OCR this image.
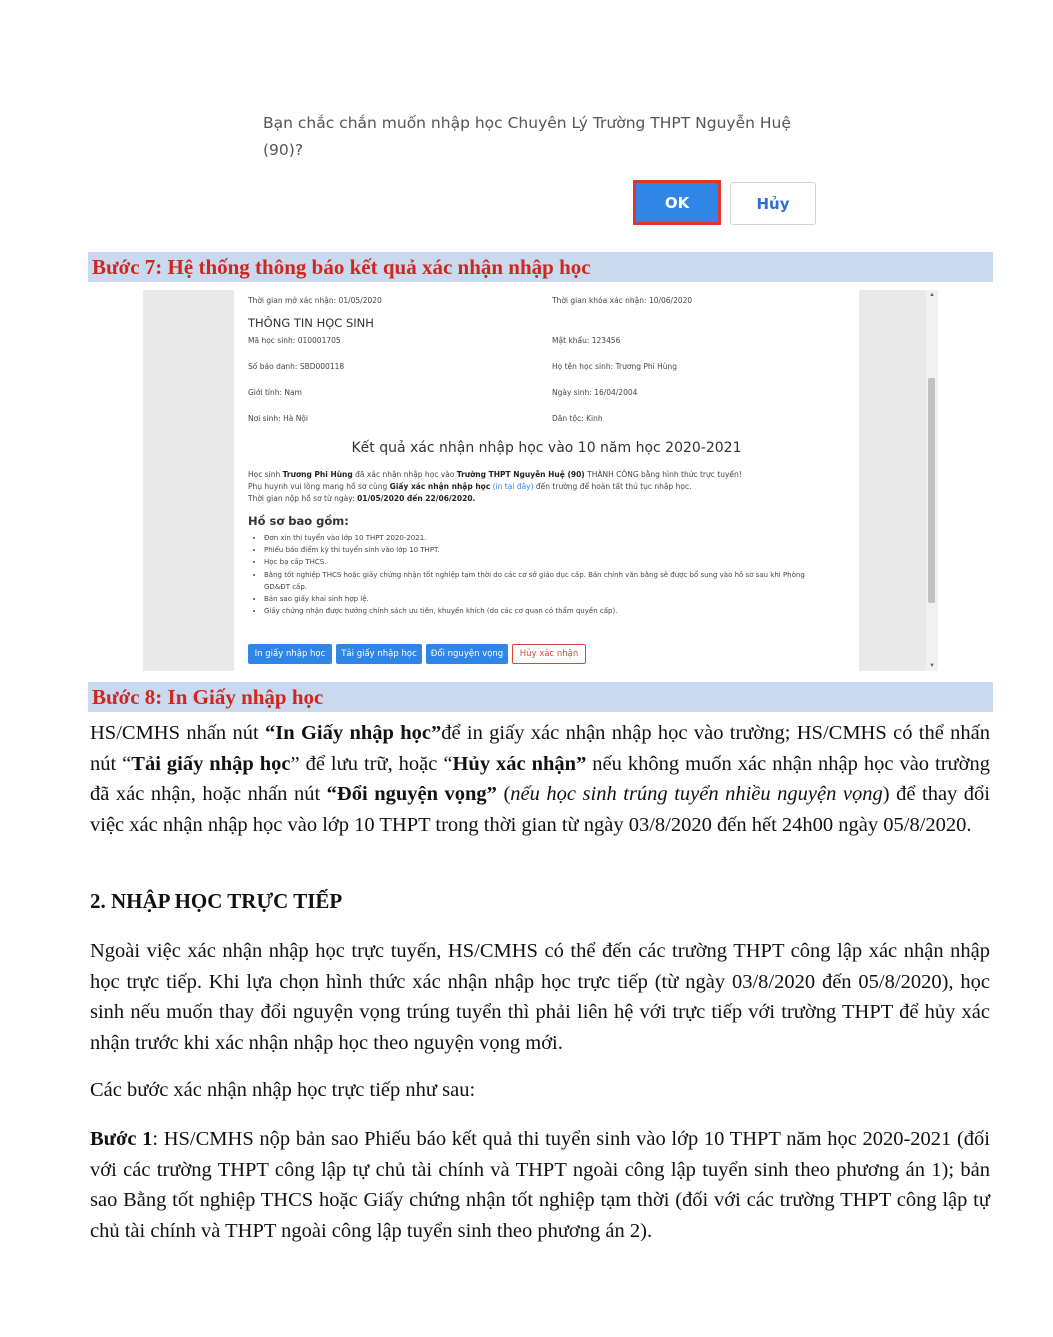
Bạn chắc chắn muốn nhập học Chuyên Lý Trường THPT Nguyễn Huệ (90)?
OK	Hủy
Bước 7: Hệ thống thông báo kết quả xác nhận nhập học
Thời gian mở xác nhận: 01/05/2020	Thời gian khóa xác nhận: 10/06/2020
THÔNG TIN HỌC SINH
Mã học sinh: 010001705	Mật khẩu: 123456
Số báo danh: SBD000118	Họ tên học sinh: Trương Phi Hùng
Giới tính: Nam	Ngày sinh: 16/04/2004
Nơi sinh: Hà Nội	Dân tộc: Kinh
Kết quả xác nhận nhập học vào 10 năm học 2020-2021
Học sinh Trương Phi Hùng đã xác nhận nhập học vào Trường THPT Nguyễn Huệ (90) THÀNH CÔNG bằng hình thức trực tuyến!
Phụ huynh vui lòng mang hồ sơ cùng Giấy xác nhận nhập học (in tại đây) đến trường để hoàn tất thủ tục nhập học.
Thời gian nộp hồ sơ từ ngày: 01/05/2020 đến 22/06/2020.
Hồ sơ bao gồm:
• Đơn xin thi tuyển vào lớp 10 THPT 2020-2021.
• Phiếu báo điểm kỳ thi tuyển sinh vào lớp 10 THPT.
• Học bạ cấp THCS.
• Bằng tốt nghiệp THCS hoặc giấy chứng nhận tốt nghiệp tạm thời do các cơ sở giáo dục cấp. Bản chính văn bằng sẽ được bổ sung vào hồ sơ sau khi Phòng GD&ĐT cấp.
• Bản sao giấy khai sinh hợp lệ.
• Giấy chứng nhận được hưởng chính sách ưu tiên, khuyến khích (do các cơ quan có thẩm quyền cấp).
In giấy nhập học	Tải giấy nhập học	Đổi nguyện vọng	Hủy xác nhận
▲
▼
Bước 8: In Giấy nhập học
HS/CMHS nhấn nút “In Giấy nhập học”để in giấy xác nhận nhập học vào trường; HS/CMHS có thể nhấn nút “Tải giấy nhập học” để lưu trữ, hoặc “Hủy xác nhận” nếu không muốn xác nhận nhập học vào trường đã xác nhận, hoặc nhấn nút “Đổi nguyện vọng” (nếu học sinh trúng tuyển nhiều nguyện vọng) để thay đổi việc xác nhận nhập học vào lớp 10 THPT trong thời gian từ ngày 03/8/2020 đến hết 24h00 ngày 05/8/2020.
2. NHẬP HỌC TRỰC TIẾP
Ngoài việc xác nhận nhập học trực tuyến, HS/CMHS có thể đến các trường THPT công lập xác nhận nhập học trực tiếp. Khi lựa chọn hình thức xác nhận nhập học trực tiếp (từ ngày 03/8/2020 đến 05/8/2020), học sinh nếu muốn thay đổi nguyện vọng trúng tuyển thì phải liên hệ với trực tiếp với trường THPT để hủy xác nhận trước khi xác nhận nhập học theo nguyện vọng mới.
Các bước xác nhận nhập học trực tiếp như sau:
Bước 1: HS/CMHS nộp bản sao Phiếu báo kết quả thi tuyển sinh vào lớp 10 THPT năm học 2020-2021 (đối với các trường THPT công lập tự chủ tài chính và THPT ngoài công lập tuyển sinh theo phương án 1); bản sao Bằng tốt nghiệp THCS hoặc Giấy chứng nhận tốt nghiệp tạm thời (đối với các trường THPT công lập tự chủ tài chính và THPT ngoài công lập tuyển sinh theo phương án 2).
